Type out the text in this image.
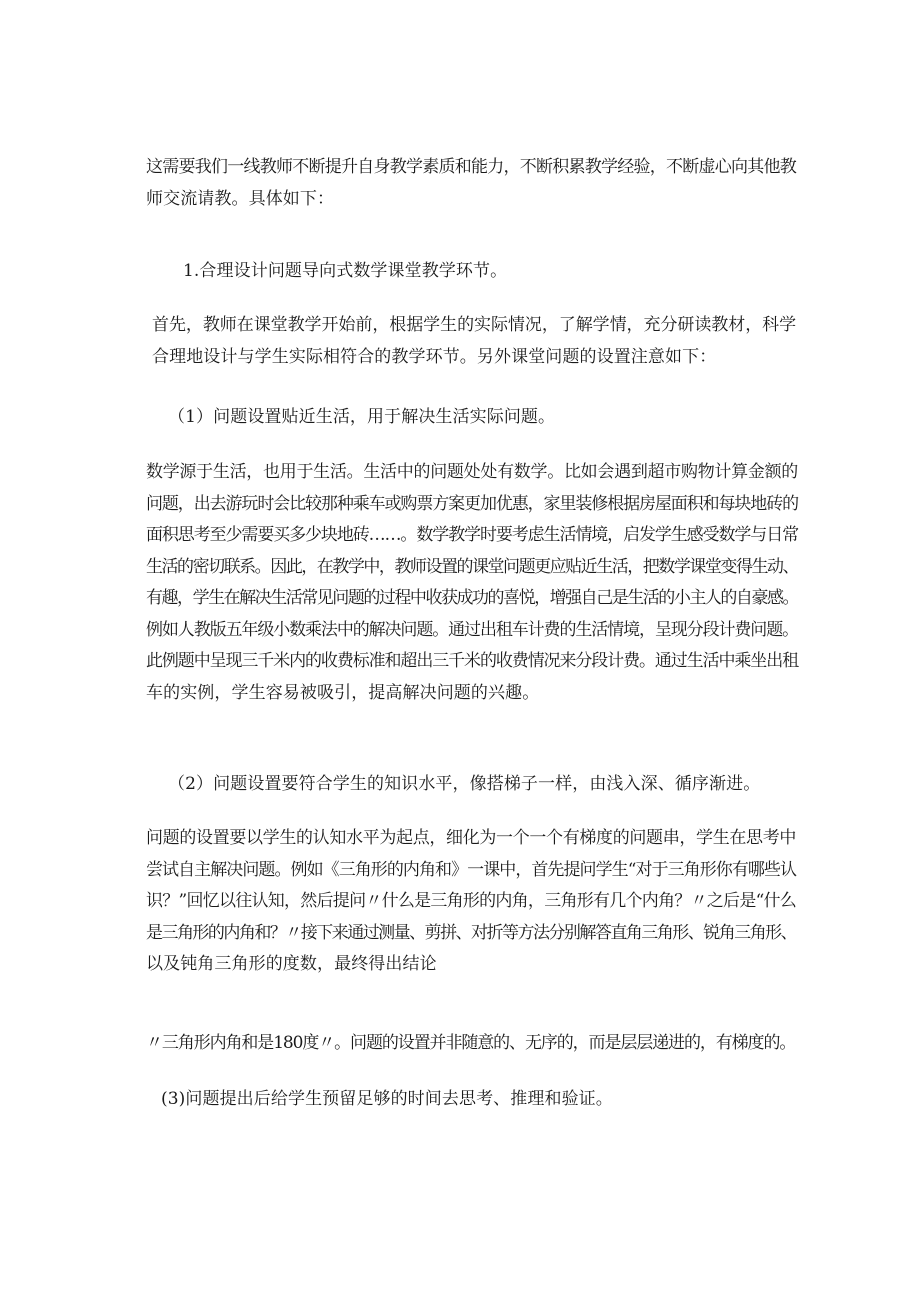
这需要我们一线教师不断提升自身教学素质和能力，不断积累教学经验，不断虚心向其他教
师交流请教。具体如下：
1.合理设计问题导向式数学课堂教学环节。
首先，教师在课堂教学开始前，根据学生的实际情况，了解学情，充分研读教材，科学
合理地设计与学生实际相符合的教学环节。另外课堂问题的设置注意如下：
（1）问题设置贴近生活，用于解决生活实际问题。
数学源于生活，也用于生活。生活中的问题处处有数学。比如会遇到超市购物计算金额的
问题，出去游玩时会比较那种乘车或购票方案更加优惠，家里装修根据房屋面积和每块地砖的
面积思考至少需要买多少块地砖……。数学教学时要考虑生活情境，启发学生感受数学与日常
生活的密切联系。因此，在教学中，教师设置的课堂问题更应贴近生活，把数学课堂变得生动、
有趣，学生在解决生活常见问题的过程中收获成功的喜悦，增强自己是生活的小主人的自豪感。
例如人教版五年级小数乘法中的解决问题。通过出租车计费的生活情境，呈现分段计费问题。
此例题中呈现三千米内的收费标准和超出三千米的收费情况来分段计费。通过生活中乘坐出租
车的实例，学生容易被吸引，提高解决问题的兴趣。
（2）问题设置要符合学生的知识水平，像搭梯子一样，由浅入深、循序渐进。
问题的设置要以学生的认知水平为起点，细化为一个一个有梯度的问题串，学生在思考中
尝试自主解决问题。例如《三角形的内角和》一课中，首先提问学生“对于三角形你有哪些认
识？”回忆以往认知，然后提问〃什么是三角形的内角，三角形有几个内角？〃之后是“什么
是三角形的内角和？〃接下来通过测量、剪拼、对折等方法分别解答直角三角形、锐角三角形、
以及钝角三角形的度数，最终得出结论
〃三角形内角和是180度〃。问题的设置并非随意的、无序的，而是层层递进的，有梯度的。
(3)问题提出后给学生预留足够的时间去思考、推理和验证。
